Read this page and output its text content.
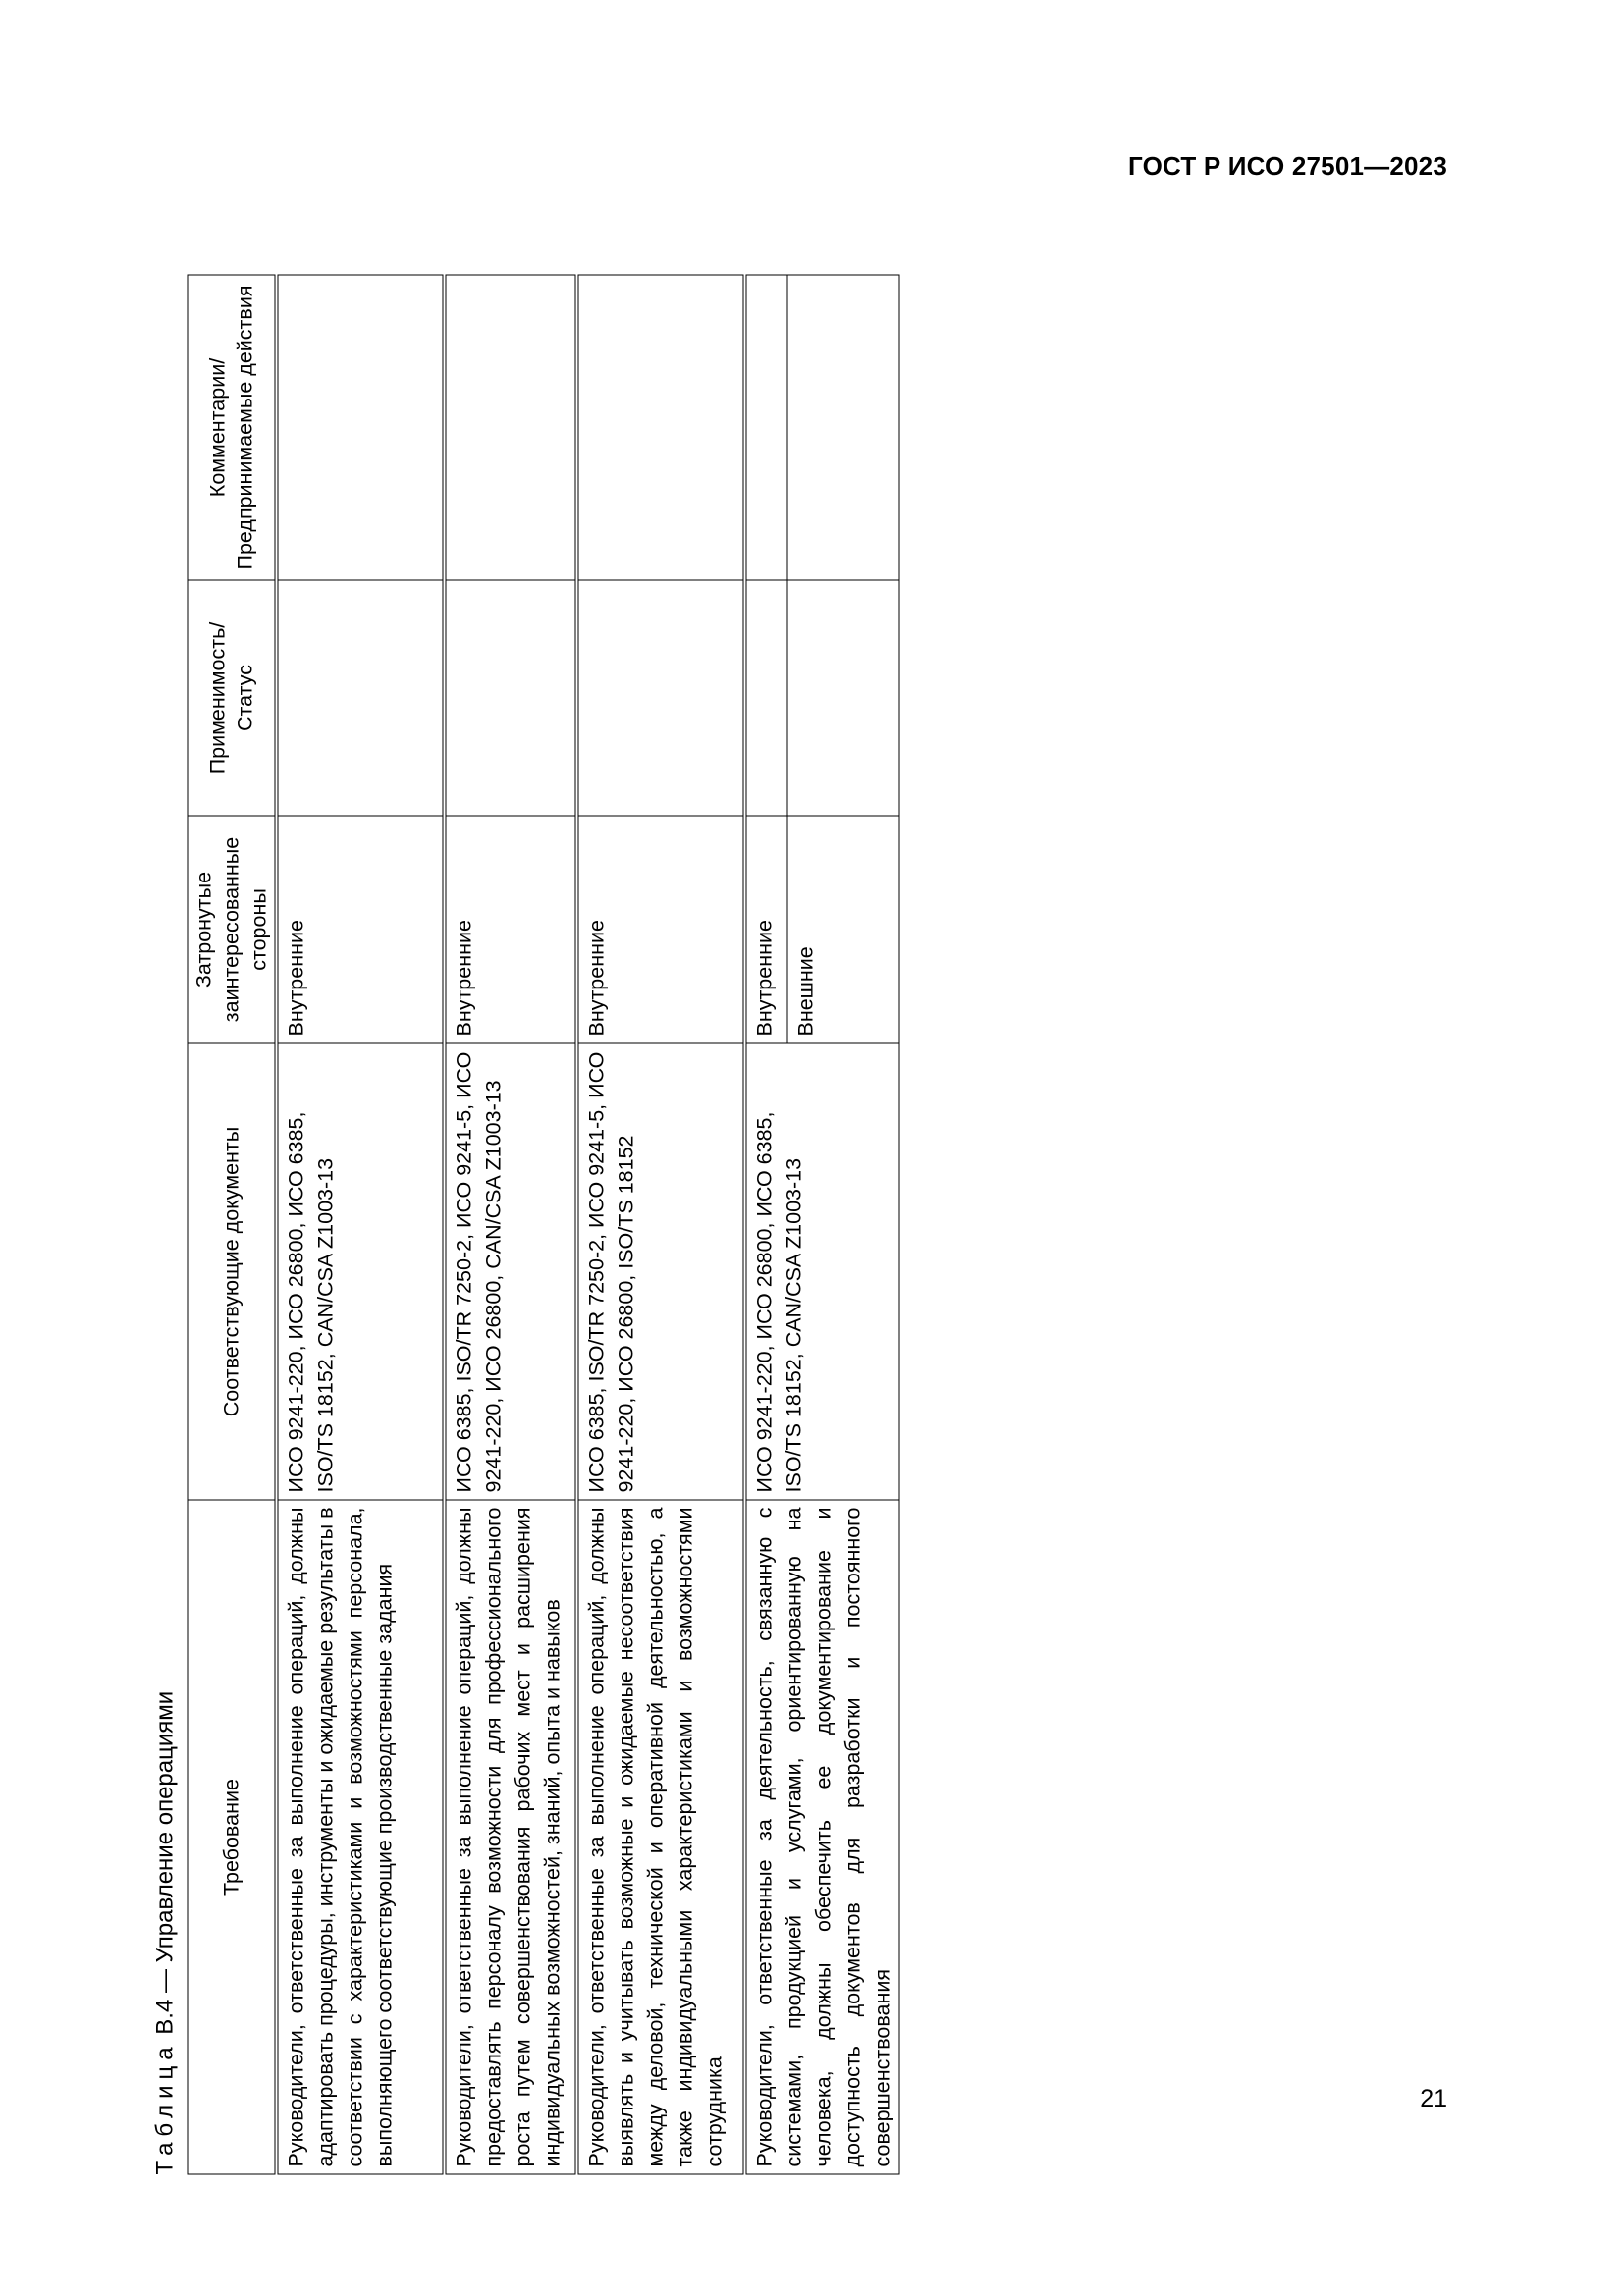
ГОСТ Р ИСО 27501—2023
Таблица В.4 — Управление операциями	Требование	Соответствующие документы	Затронутые заинтересованные стороны	Применимость/ Статус	Комментарии/ Предпринимаемые действия
Руководители, ответственные за выполнение операций, должны адаптировать процедуры, инструменты и ожидаемые результаты в соответствии с характеристиками и возможностями персонала, выполняющего соответствующие производственные задания	ИСО 9241-220, ИСО 26800, ИСО 6385, ISO/TS 18152, CAN/CSA Z1003-13	Внутренние		
Руководители, ответственные за выполнение операций, должны предоставлять персоналу возможности для профессионального роста путем совершенствования рабочих мест и расширения индивидуальных возможностей, знаний, опыта и навыков	ИСО 6385, ISO/TR 7250-2, ИСО 9241-5, ИСО 9241-220, ИСО 26800, CAN/CSA Z1003-13	Внутренние		
Руководители, ответственные за выполнение операций, должны выявлять и учитывать возможные и ожидаемые несоответствия между деловой, технической и оперативной деятельностью, а также индивидуальными характеристиками и возможностями сотрудника	ИСО 6385, ISO/TR 7250-2, ИСО 9241-5, ИСО 9241-220, ИСО 26800, ISO/TS 18152	Внутренние		
Руководители, ответственные за деятельность, связанную с системами, продукцией и услугами, ориентированную на человека, должны обеспечить ее документирование и доступность документов для разработки и постоянного совершенствования	ИСО 9241-220, ИСО 26800, ИСО 6385, ISO/TS 18152, CAN/CSA Z1003-13	Внутренние		
		Внешние		
21
